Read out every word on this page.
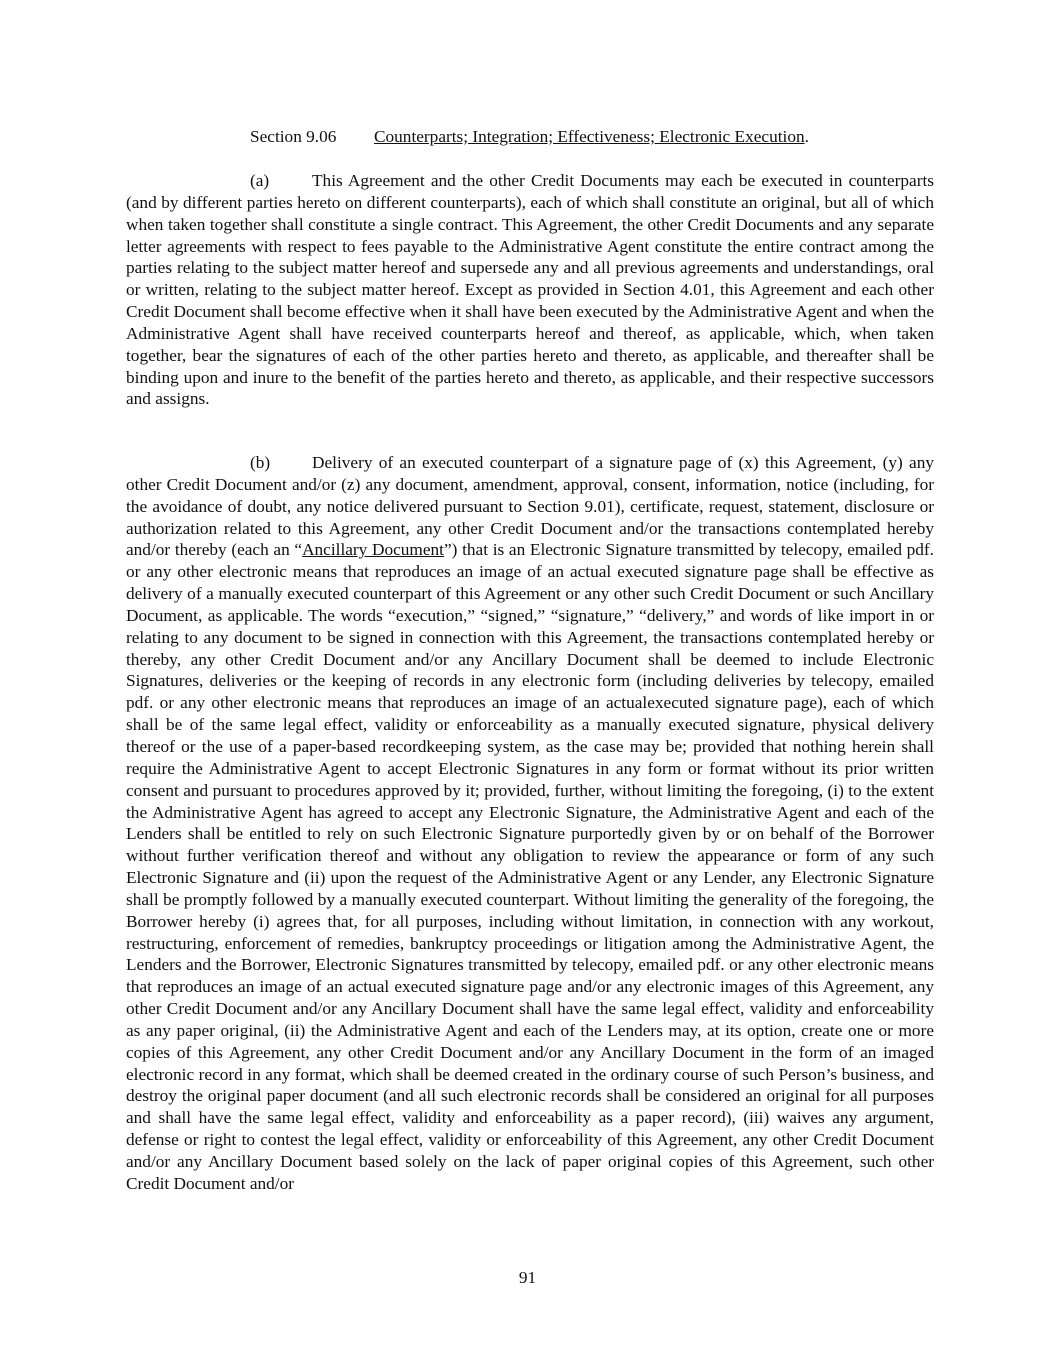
Section 9.06 Counterparts; Integration; Effectiveness; Electronic Execution.

(a) This Agreement and the other Credit Documents may each be executed in counterparts (and by different parties hereto on different counterparts), each of which shall constitute an original, but all of which when taken together shall constitute a single contract. This Agreement, the other Credit Documents and any separate letter agreements with respect to fees payable to the Administrative Agent constitute the entire contract among the parties relating to the subject matter hereof and supersede any and all previous agreements and understandings, oral or written, relating to the subject matter hereof. Except as provided in Section 4.01, this Agreement and each other Credit Document shall become effective when it shall have been executed by the Administrative Agent and when the Administrative Agent shall have received counterparts hereof and thereof, as applicable, which, when taken together, bear the signatures of each of the other parties hereto and thereto, as applicable, and thereafter shall be binding upon and inure to the benefit of the parties hereto and thereto, as applicable, and their respective successors and assigns.

(b) Delivery of an executed counterpart of a signature page of (x) this Agreement, (y) any other Credit Document and/or (z) any document, amendment, approval, consent, information, notice (including, for the avoidance of doubt, any notice delivered pursuant to Section 9.01), certificate, request, statement, disclosure or authorization related to this Agreement, any other Credit Document and/or the transactions contemplated hereby and/or thereby (each an “Ancillary Document”) that is an Electronic Signature transmitted by telecopy, emailed pdf. or any other electronic means that reproduces an image of an actual executed signature page shall be effective as delivery of a manually executed counterpart of this Agreement or any other such Credit Document or such Ancillary Document, as applicable. The words “execution,” “signed,” “signature,” “delivery,” and words of like import in or relating to any document to be signed in connection with this Agreement, the transactions contemplated hereby or thereby, any other Credit Document and/or any Ancillary Document shall be deemed to include Electronic Signatures, deliveries or the keeping of records in any electronic form (including deliveries by telecopy, emailed pdf. or any other electronic means that reproduces an image of an actualexecuted signature page), each of which shall be of the same legal effect, validity or enforceability as a manually executed signature, physical delivery thereof or the use of a paper-based recordkeeping system, as the case may be; provided that nothing herein shall require the Administrative Agent to accept Electronic Signatures in any form or format without its prior written consent and pursuant to procedures approved by it; provided, further, without limiting the foregoing, (i) to the extent the Administrative Agent has agreed to accept any Electronic Signature, the Administrative Agent and each of the Lenders shall be entitled to rely on such Electronic Signature purportedly given by or on behalf of the Borrower without further verification thereof and without any obligation to review the appearance or form of any such Electronic Signature and (ii) upon the request of the Administrative Agent or any Lender, any Electronic Signature shall be promptly followed by a manually executed counterpart. Without limiting the generality of the foregoing, the Borrower hereby (i) agrees that, for all purposes, including without limitation, in connection with any workout, restructuring, enforcement of remedies, bankruptcy proceedings or litigation among the Administrative Agent, the Lenders and the Borrower, Electronic Signatures transmitted by telecopy, emailed pdf. or any other electronic means that reproduces an image of an actual executed signature page and/or any electronic images of this Agreement, any other Credit Document and/or any Ancillary Document shall have the same legal effect, validity and enforceability as any paper original, (ii) the Administrative Agent and each of the Lenders may, at its option, create one or more copies of this Agreement, any other Credit Document and/or any Ancillary Document in the form of an imaged electronic record in any format, which shall be deemed created in the ordinary course of such Person’s business, and destroy the original paper document (and all such electronic records shall be considered an original for all purposes and shall have the same legal effect, validity and enforceability as a paper record), (iii) waives any argument, defense or right to contest the legal effect, validity or enforceability of this Agreement, any other Credit Document and/or any Ancillary Document based solely on the lack of paper original copies of this Agreement, such other Credit Document and/or

91
